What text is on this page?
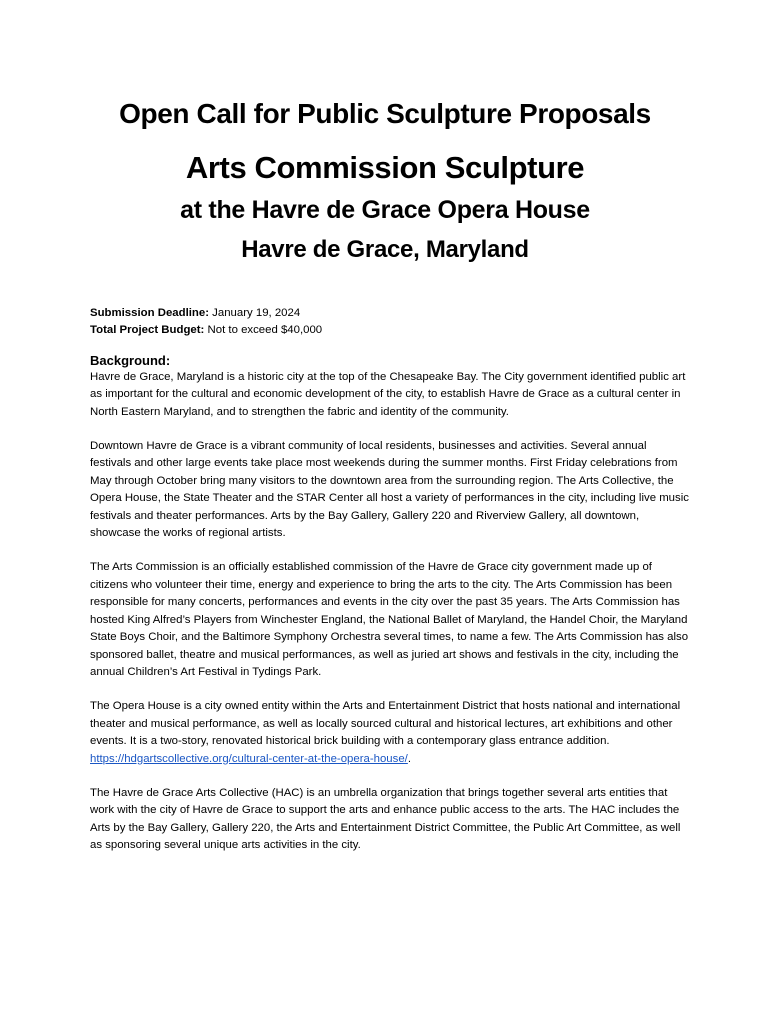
Open Call for Public Sculpture Proposals
Arts Commission Sculpture
at the Havre de Grace Opera House
Havre de Grace, Maryland

Submission Deadline: January 19, 2024

Total Project Budget: Not to exceed $40,000

Background:

Havre de Grace, Maryland is a historic city at the top of the Chesapeake Bay. The City government identified public art as important for the cultural and economic development of the city, to establish Havre de Grace as a cultural center in North Eastern Maryland, and to strengthen the fabric and identity of the community.

Downtown Havre de Grace is a vibrant community of local residents, businesses and activities. Several annual festivals and other large events take place most weekends during the summer months. First Friday celebrations from May through October bring many visitors to the downtown area from the surrounding region. The Arts Collective, the Opera House, the State Theater and the STAR Center all host a variety of performances in the city, including live music festivals and theater performances. Arts by the Bay Gallery, Gallery 220 and Riverview Gallery, all downtown, showcase the works of regional artists.

The Arts Commission is an officially established commission of the Havre de Grace city government made up of citizens who volunteer their time, energy and experience to bring the arts to the city. The Arts Commission has been responsible for many concerts, performances and events in the city over the past 35 years. The Arts Commission has hosted King Alfred’s Players from Winchester England, the National Ballet of Maryland, the Handel Choir, the Maryland State Boys Choir, and the Baltimore Symphony Orchestra several times, to name a few. The Arts Commission has also sponsored ballet, theatre and musical performances, as well as juried art shows and festivals in the city, including the annual Children’s Art Festival in Tydings Park.

The Opera House is a city owned entity within the Arts and Entertainment District that hosts national and international theater and musical performance, as well as locally sourced cultural and historical lectures, art exhibitions and other events. It is a two-story, renovated historical brick building with a contemporary glass entrance addition. https://hdgartscollective.org/cultural-center-at-the-opera-house/.

The Havre de Grace Arts Collective (HAC) is an umbrella organization that brings together several arts entities that work with the city of Havre de Grace to support the arts and enhance public access to the arts. The HAC includes the Arts by the Bay Gallery, Gallery 220, the Arts and Entertainment District Committee, the Public Art Committee, as well as sponsoring several unique arts activities in the city.
